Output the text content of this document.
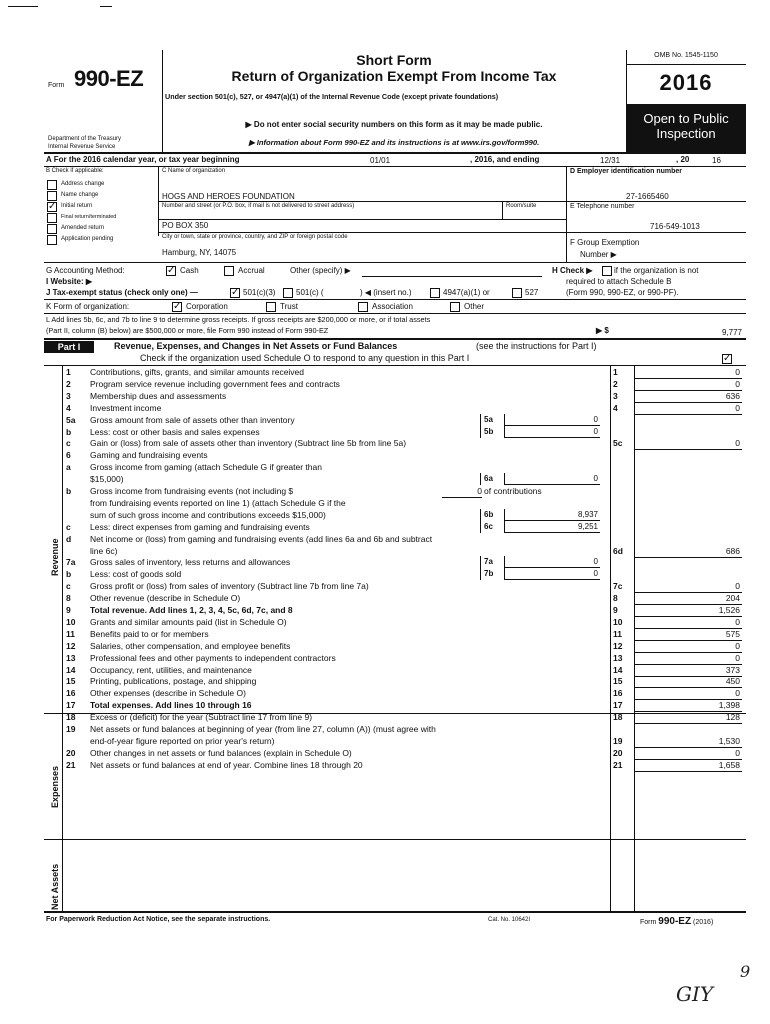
Form 990-EZ
Department of the Treasury
Internal Revenue Service
Short Form
Return of Organization Exempt From Income Tax
Under section 501(c), 527, or 4947(a)(1) of the Internal Revenue Code (except private foundations)
▶ Do not enter social security numbers on this form as it may be made public.
▶ Information about Form 990-EZ and its instructions is at www.irs.gov/form990.
OMB No. 1545-1150
2016
Open to Public
Inspection
A For the 2016 calendar year, or tax year beginning	01/01	, 2016, and ending	12/31	, 20	16
B Check if applicable:
Address change
Name change
✓ Initial return
Final return/terminated
Amended return
Application pending
C Name of organization
HOGS AND HEROES FOUNDATION
Number and street (or P.O. box, if mail is not delivered to street address)	Room/suite
PO BOX 350
City or town, state or province, country, and ZIP or foreign postal code
Hamburg, NY, 14075
D Employer identification number
27-1665460
E Telephone number
716-549-1013
F Group Exemption
Number ▶
G Accounting Method:	✓ Cash	Accrual	Other (specify) ▶	H Check ▶	if the organization is not
required to attach Schedule B
(Form 990, 990-EZ, or 990-PF).
I Website: ▶
J Tax-exempt status (check only one) —	✓ 501(c)(3)	501(c) (	) ◀ (insert no.)	4947(a)(1) or	527
K Form of organization:	✓ Corporation	Trust	Association	Other
L Add lines 5b, 6c, and 7b to line 9 to determine gross receipts. If gross receipts are $200,000 or more, or if total assets
(Part II, column (B) below) are $500,000 or more, file Form 990 instead of Form 990-EZ	▶ $	9,777
Part I	Revenue, Expenses, and Changes in Net Assets or Fund Balances	(see the instructions for Part I)
Check if the organization used Schedule O to respond to any question in this Part I	✓
Revenue
Expenses
Net Assets
1	Contributions, gifts, grants, and similar amounts received	1	0
2	Program service revenue including government fees and contracts	2	0
3	Membership dues and assessments	3	636
4	Investment income	4	0
5a	Gross amount from sale of assets other than inventory	5a	0
b	Less: cost or other basis and sales expenses	5b	0
c	Gain or (loss) from sale of assets other than inventory (Subtract line 5b from line 5a)	5c	0
6	Gaming and fundraising events
a	Gross income from gaming (attach Schedule G if greater than
$15,000)	6a	0
b	Gross income from fundraising events (not including $	0 of contributions
from fundraising events reported on line 1) (attach Schedule G if the
sum of such gross income and contributions exceeds $15,000)	6b	8,937
c	Less: direct expenses from gaming and fundraising events	6c	9,251
d	Net income or (loss) from gaming and fundraising events (add lines 6a and 6b and subtract
line 6c)	6d	686
7a	Gross sales of inventory, less returns and allowances	7a	0
b	Less: cost of goods sold	7b	0
c	Gross profit or (loss) from sales of inventory (Subtract line 7b from line 7a)	7c	0
8	Other revenue (describe in Schedule O)	8	204
9	Total revenue. Add lines 1, 2, 3, 4, 5c, 6d, 7c, and 8	9	1,526
10	Grants and similar amounts paid (list in Schedule O)	10	0
11	Benefits paid to or for members	11	575
12	Salaries, other compensation, and employee benefits	12	0
13	Professional fees and other payments to independent contractors	13	0
14	Occupancy, rent, utilities, and maintenance	14	373
15	Printing, publications, postage, and shipping	15	450
16	Other expenses (describe in Schedule O)	16	0
17	Total expenses. Add lines 10 through 16	17	1,398
18	Excess or (deficit) for the year (Subtract line 17 from line 9)	18	128
19	Net assets or fund balances at beginning of year (from line 27, column (A)) (must agree with
end-of-year figure reported on prior year's return)	19	1,530
20	Other changes in net assets or fund balances (explain in Schedule O)	20	0
21	Net assets or fund balances at end of year. Combine lines 18 through 20	21	1,658
For Paperwork Reduction Act Notice, see the separate instructions.	Cat. No. 10642I	Form 990-EZ (2016)
GIY
9
